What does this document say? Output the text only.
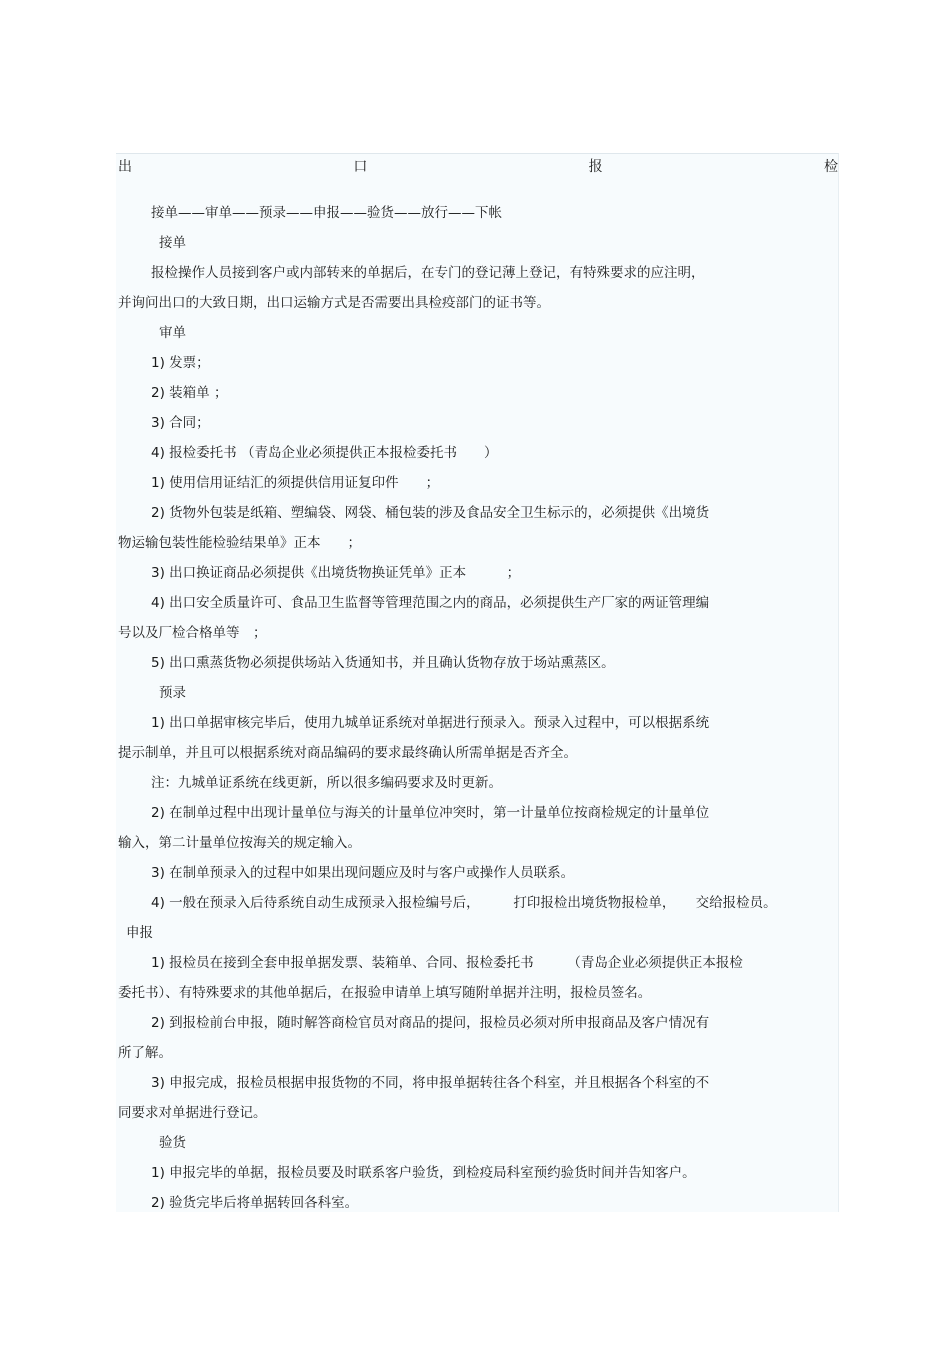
出	口	报	检
接单——审单——预录——申报——验货——放行——下帐
接单
报检操作人员接到客户或内部转来的单据后，在专门的登记薄上登记，有特殊要求的应注明，
并询问出口的大致日期，出口运输方式是否需要出具检疫部门的证书等。
审单
1) 发票；
2) 装箱单 ；
3) 合同；
4) 报检委托书 （青岛企业必须提供正本报检委托书　　）
1) 使用信用证结汇的须提供信用证复印件　　；
2) 货物外包装是纸箱、塑编袋、网袋、桶包装的涉及食品安全卫生标示的，必须提供《出境货
物运输包装性能检验结果单》正本　　；
3) 出口换证商品必须提供《出境货物换证凭单》正本　　　；
4) 出口安全质量许可、食品卫生监督等管理范围之内的商品，必须提供生产厂家的两证管理编
号以及厂检合格单等　；
5) 出口熏蒸货物必须提供场站入货通知书，并且确认货物存放于场站熏蒸区。
预录
1) 出口单据审核完毕后，使用九城单证系统对单据进行预录入。预录入过程中，可以根据系统
提示制单，并且可以根据系统对商品编码的要求最终确认所需单据是否齐全。
注：九城单证系统在线更新，所以很多编码要求及时更新。
2) 在制单过程中出现计量单位与海关的计量单位冲突时，第一计量单位按商检规定的计量单位
输入，第二计量单位按海关的规定输入。
3) 在制单预录入的过程中如果出现问题应及时与客户或操作人员联系。
4) 一般在预录入后待系统自动生成预录入报检编号后，　　　打印报检出境货物报检单，　　交给报检员。
申报
1) 报检员在接到全套申报单据发票、装箱单、合同、报检委托书　　　（青岛企业必须提供正本报检
委托书）、有特殊要求的其他单据后，在报验申请单上填写随附单据并注明，报检员签名。
2) 到报检前台申报，随时解答商检官员对商品的提问，报检员必须对所申报商品及客户情况有
所了解。
3) 申报完成，报检员根据申报货物的不同，将申报单据转往各个科室，并且根据各个科室的不
同要求对单据进行登记。
验货
1) 申报完毕的单据，报检员要及时联系客户验货，到检疫局科室预约验货时间并告知客户。
2) 验货完毕后将单据转回各科室。
